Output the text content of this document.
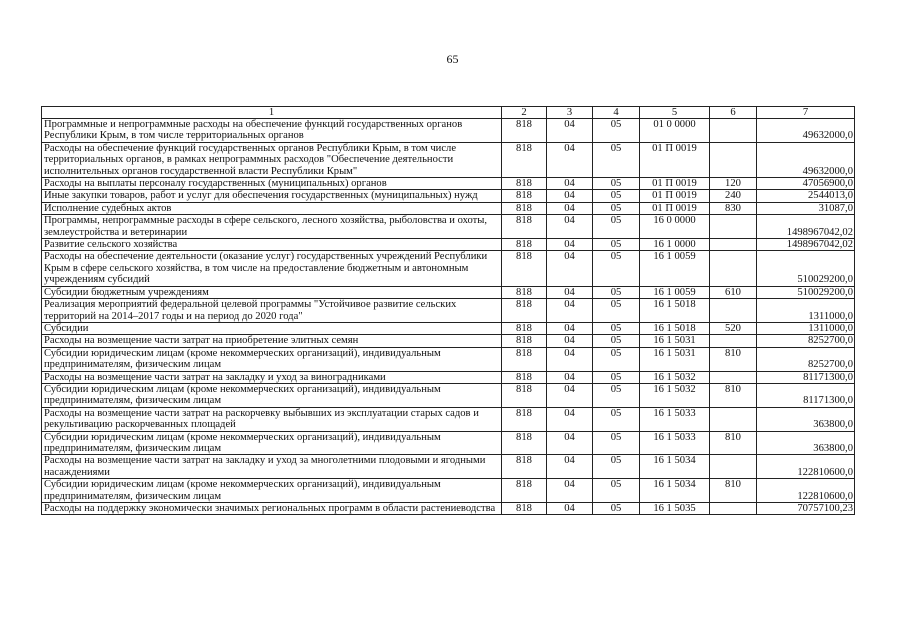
65
1	2	3	4	5	6	7
Программные и непрограммные расходы на обеспечение функций государственных органов Республики Крым, в том числе территориальных органов	818	04	05	01 0 0000		49632000,0
Расходы на обеспечение функций государственных органов Республики Крым, в том числе территориальных органов, в рамках непрограммных расходов "Обеспечение деятельности исполнительных органов государственной власти Республики Крым"	818	04	05	01 П 0019		49632000,0
Расходы на выплаты персоналу государственных (муниципальных) органов	818	04	05	01 П 0019	120	47056900,0
Иные закупки товаров, работ и услуг для обеспечения государственных (муниципальных) нужд	818	04	05	01 П 0019	240	2544013,0
Исполнение судебных актов	818	04	05	01 П 0019	830	31087,0
Программы, непрограммные расходы в сфере сельского, лесного хозяйства, рыболовства и охоты, землеустройства и ветеринарии	818	04	05	16 0 0000		1498967042,02
Развитие сельского хозяйства	818	04	05	16 1 0000		1498967042,02
Расходы на обеспечение деятельности (оказание услуг) государственных учреждений Республики Крым в сфере сельского хозяйства, в том числе на предоставление бюджетным и автономным учреждениям субсидий	818	04	05	16 1 0059		510029200,0
Субсидии бюджетным учреждениям	818	04	05	16 1 0059	610	510029200,0
Реализация мероприятий федеральной целевой программы "Устойчивое развитие сельских территорий на 2014–2017 годы и на период до 2020 года"	818	04	05	16 1 5018		1311000,0
Субсидии	818	04	05	16 1 5018	520	1311000,0
Расходы на возмещение части затрат на приобретение элитных семян	818	04	05	16 1 5031		8252700,0
Субсидии юридическим лицам (кроме некоммерческих организаций), индивидуальным предпринимателям, физическим лицам	818	04	05	16 1 5031	810	8252700,0
Расходы на возмещение части затрат на закладку и уход за виноградниками	818	04	05	16 1 5032		81171300,0
Субсидии юридическим лицам (кроме некоммерческих организаций), индивидуальным предпринимателям, физическим лицам	818	04	05	16 1 5032	810	81171300,0
Расходы на возмещение части затрат на раскорчевку выбывших из эксплуатации старых садов и рекультивацию раскорчеванных площадей	818	04	05	16 1 5033		363800,0
Субсидии юридическим лицам (кроме некоммерческих организаций), индивидуальным предпринимателям, физическим лицам	818	04	05	16 1 5033	810	363800,0
Расходы на возмещение части затрат на закладку и уход за многолетними плодовыми и ягодными насаждениями	818	04	05	16 1 5034		122810600,0
Субсидии юридическим лицам (кроме некоммерческих организаций), индивидуальным предпринимателям, физическим лицам	818	04	05	16 1 5034	810	122810600,0
Расходы на поддержку экономически значимых региональных программ в области растениеводства	818	04	05	16 1 5035		70757100,23
